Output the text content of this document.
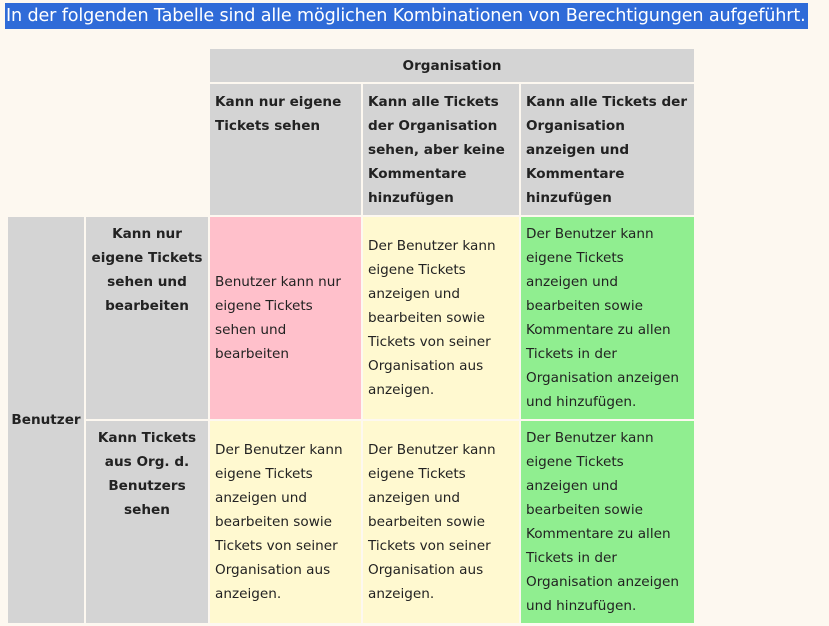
In der folgenden Tabelle sind alle möglichen Kombinationen von Berechtigungen aufgeführt.
		Organisation		
		Kann nur eigene Tickets sehen	Kann alle Tickets der Organisation sehen, aber keine Kommentare hinzufügen	Kann alle Tickets der Organisation anzeigen und Kommentare hinzufügen
Benutzer	Kann nur eigene Tickets sehen und bearbeiten	Benutzer kann nur eigene Tickets sehen und bearbeiten	Der Benutzer kann eigene Tickets anzeigen und bearbeiten sowie Tickets von seiner Organisation aus anzeigen.	Der Benutzer kann eigene Tickets anzeigen und bearbeiten sowie Kommentare zu allen Tickets in der Organisation anzeigen und hinzufügen.
	Kann Tickets aus Org. d. Benutzers sehen	Der Benutzer kann eigene Tickets anzeigen und bearbeiten sowie Tickets von seiner Organisation aus anzeigen.	Der Benutzer kann eigene Tickets anzeigen und bearbeiten sowie Tickets von seiner Organisation aus anzeigen.	Der Benutzer kann eigene Tickets anzeigen und bearbeiten sowie Kommentare zu allen Tickets in der Organisation anzeigen und hinzufügen.
